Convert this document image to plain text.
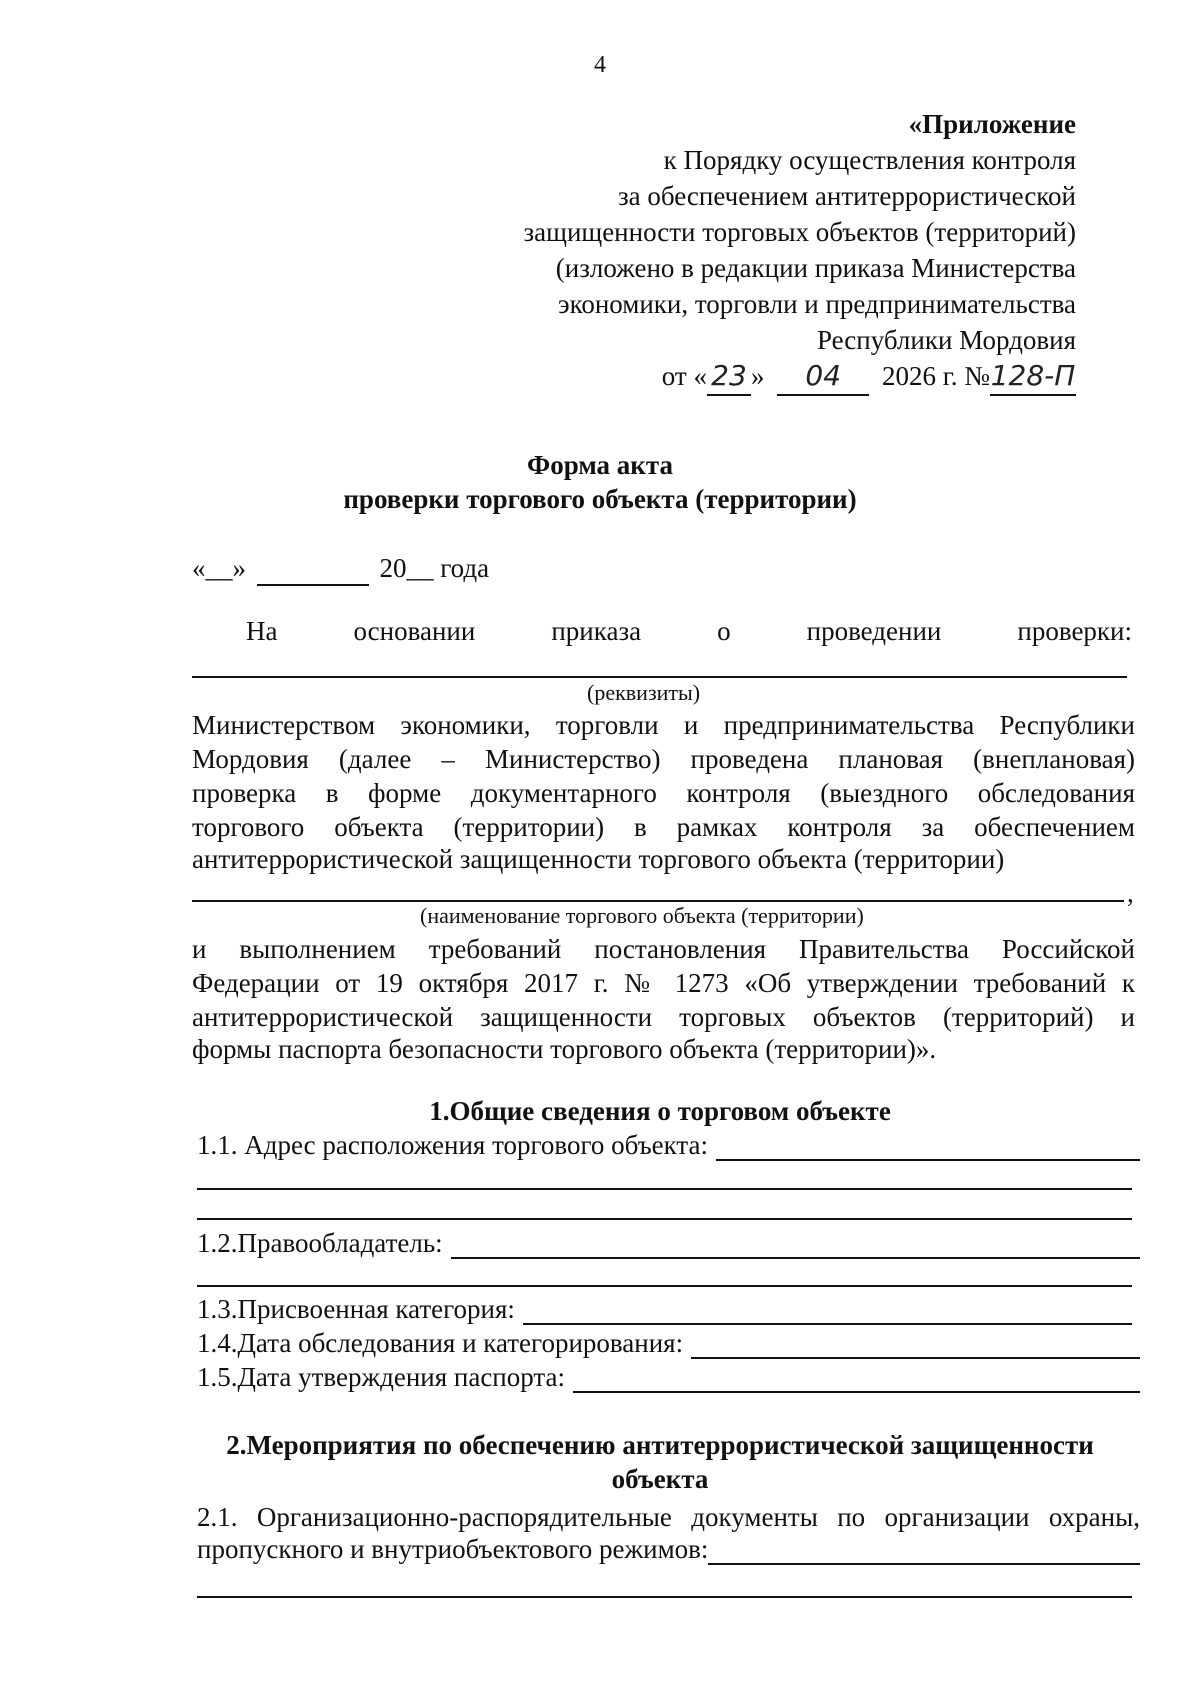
4
«Приложение
к Порядку осуществления контроля
за обеспечением антитеррористической
защищенности торговых объектов (территорий)
(изложено в редакции приказа Министерства
экономики, торговли и предпринимательства
Республики Мордовия
от « 23 » 04 2026 г. №128-П
Форма акта
проверки торгового объекта (территории)
«__»	20__ года
На	основании	приказа	о	проведении	проверки:
(реквизиты)
Министерством экономики, торговли и предпринимательства Республики
Мордовия (далее – Министерство) проведена плановая (внеплановая)
проверка в форме документарного контроля (выездного обследования
торгового объекта (территории) в рамках контроля за обеспечением
антитеррористической защищенности торгового объекта (территории)
,
(наименование торгового объекта (территории)
и выполнением требований постановления Правительства Российской
Федерации от 19 октября 2017 г. № 1273 «Об утверждении требований к
антитеррористической защищенности торговых объектов (территорий) и
формы паспорта безопасности торгового объекта (территории)».
1.Общие сведения о торговом объекте
1.1. Адрес расположения торгового объекта:
1.2.Правообладатель:
1.3.Присвоенная категория:
1.4.Дата обследования и категорирования:
1.5.Дата утверждения паспорта:
2.Мероприятия по обеспечению антитеррористической защищенности
объекта
2.1. Организационно-распорядительные документы по организации охраны,
пропускного и внутриобъектового режимов:
